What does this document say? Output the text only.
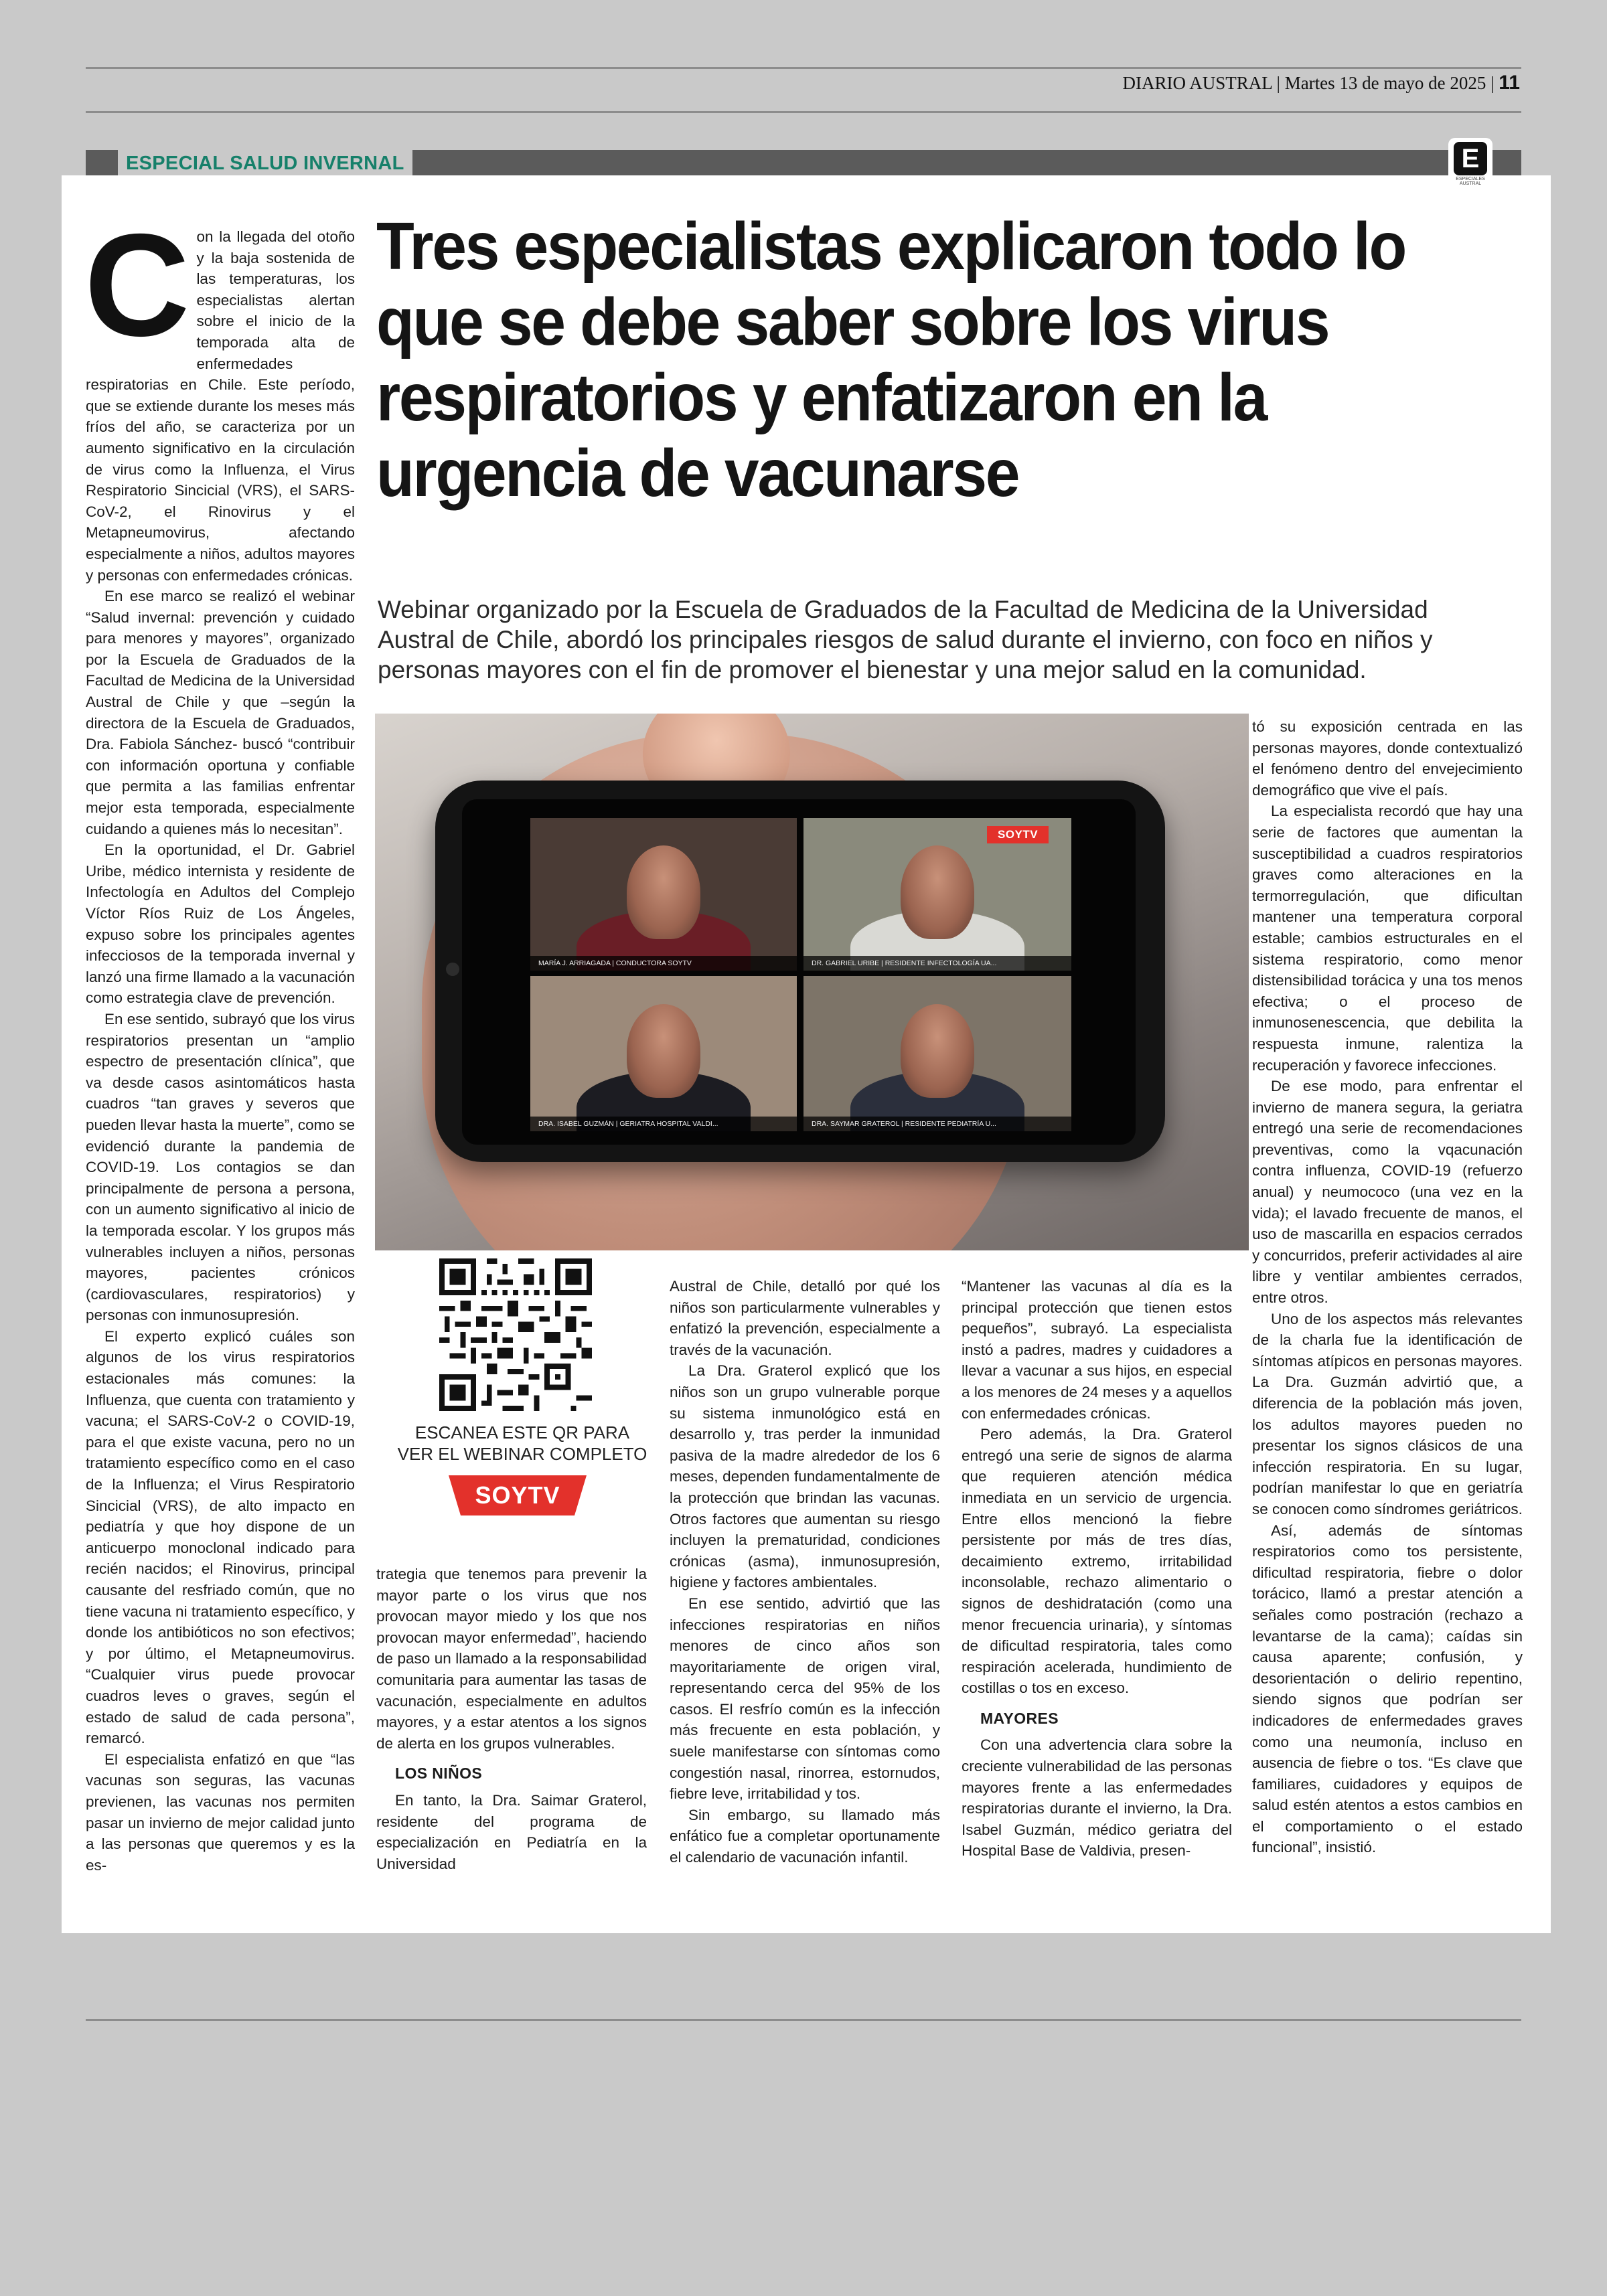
DIARIO AUSTRAL | Martes 13 de mayo de 2025 | 11
ESPECIAL SALUD INVERNAL	E
ESPECIALES AUSTRAL
C on la llegada del otoño y la baja sostenida de las temperaturas, los especialistas alertan sobre el inicio de la temporada alta de enfermedades respiratorias en Chile. Este período, que se extiende durante los meses más fríos del año, se caracteriza por un aumento significativo en la circulación de virus como la Influenza, el Virus Respiratorio Sincicial (VRS), el SARS-CoV-2, el Rinovirus y el Metapneumovirus, afectando especialmente a niños, adultos mayores y personas con enfermedades crónicas.

En ese marco se realizó el webinar “Salud invernal: prevención y cuidado para menores y mayores”, organizado por la Escuela de Graduados de la Facultad de Medicina de la Universidad Austral de Chile y que –según la directora de la Escuela de Graduados, Dra. Fabiola Sánchez- buscó “contribuir con información oportuna y confiable que permita a las familias enfrentar mejor esta temporada, especialmente cuidando a quienes más lo necesitan”.

En la oportunidad, el Dr. Gabriel Uribe, médico internista y residente de Infectología en Adultos del Complejo Víctor Ríos Ruiz de Los Ángeles, expuso sobre los principales agentes infecciosos de la temporada invernal y lanzó una firme llamado a la vacunación como estrategia clave de prevención.

En ese sentido, subrayó que los virus respiratorios presentan un “amplio espectro de presentación clínica”, que va desde casos asintomáticos hasta cuadros “tan graves y severos que pueden llevar hasta la muerte”, como se evidenció durante la pandemia de COVID-19. Los contagios se dan principalmente de persona a persona, con un aumento significativo al inicio de la temporada escolar. Y los grupos más vulnerables incluyen a niños, personas mayores, pacientes crónicos (cardiovasculares, respiratorios) y personas con inmunosupresión.

El experto explicó cuáles son algunos de los virus respiratorios estacionales más comunes: la Influenza, que cuenta con tratamiento y vacuna; el SARS-CoV-2 o COVID-19, para el que existe vacuna, pero no un tratamiento específico como en el caso de la Influenza; el Virus Respiratorio Sincicial (VRS), de alto impacto en pediatría y que hoy dispone de un anticuerpo monoclonal indicado para recién nacidos; el Rinovirus, principal causante del resfriado común, que no tiene vacuna ni tratamiento específico, y donde los antibióticos no son efectivos; y por último, el Metapneumovirus. “Cualquier virus puede provocar cuadros leves o graves, según el estado de salud de cada persona”, remarcó.

El especialista enfatizó en que “las vacunas son seguras, las vacunas previenen, las vacunas nos permiten pasar un invierno de mejor calidad junto a las personas que queremos y es la es-

Tres especialistas explicaron todo lo que se debe saber sobre los virus respiratorios y enfatizaron en la urgencia de vacunarse

Webinar organizado por la Escuela de Graduados de la Facultad de Medicina de la Universidad Austral de Chile, abordó los principales riesgos de salud durante el invierno, con foco en niños y personas mayores con el fin de promover el bienestar y una mejor salud en la comunidad.

MARÍA J. ARRIAGADA | CONDUCTORA SOYTV	DR. GABRIEL URIBE | RESIDENTE INFECTOLOGÍA UA...
DRA. ISABEL GUZMÁN | GERIATRA HOSPITAL VALDI...	DRA. SAYMAR GRATEROL | RESIDENTE PEDIATRÍA U...
SOYTV

ESCANEA ESTE QR PARA
VER EL WEBINAR COMPLETO

SOYTV

trategia que tenemos para prevenir la mayor parte o los virus que nos provocan mayor miedo y los que nos provocan mayor enfermedad”, haciendo de paso un llamado a la responsabilidad comunitaria para aumentar las tasas de vacunación, especialmente en adultos mayores, y a estar atentos a los signos de alerta en los grupos vulnerables.

LOS NIÑOS

En tanto, la Dra. Saimar Graterol, residente del programa de especialización en Pediatría en la Universidad

Austral de Chile, detalló por qué los niños son particularmente vulnerables y enfatizó la prevención, especialmente a través de la vacunación.

La Dra. Graterol explicó que los niños son un grupo vulnerable porque su sistema inmunológico está en desarrollo y, tras perder la inmunidad pasiva de la madre alrededor de los 6 meses, dependen fundamentalmente de la protección que brindan las vacunas. Otros factores que aumentan su riesgo incluyen la prematuridad, condiciones crónicas (asma), inmunosupresión, higiene y factores ambientales.

En ese sentido, advirtió que las infecciones respiratorias en niños menores de cinco años son mayoritariamente de origen viral, representando cerca del 95% de los casos. El resfrío común es la infección más frecuente en esta población, y suele manifestarse con síntomas como congestión nasal, rinorrea, estornudos, fiebre leve, irritabilidad y tos.

Sin embargo, su llamado más enfático fue a completar oportunamente el calendario de vacunación infantil.

“Mantener las vacunas al día es la principal protección que tienen estos pequeños”, subrayó. La especialista instó a padres, madres y cuidadores a llevar a vacunar a sus hijos, en especial a los menores de 24 meses y a aquellos con enfermedades crónicas.

Pero además, la Dra. Graterol entregó una serie de signos de alarma que requieren atención médica inmediata en un servicio de urgencia. Entre ellos mencionó la fiebre persistente por más de tres días, decaimiento extremo, irritabilidad inconsolable, rechazo alimentario o signos de deshidratación (como una menor frecuencia urinaria), y síntomas de dificultad respiratoria, tales como respiración acelerada, hundimiento de costillas o tos en exceso.

MAYORES

Con una advertencia clara sobre la creciente vulnerabilidad de las personas mayores frente a las enfermedades respiratorias durante el invierno, la Dra. Isabel Guzmán, médico geriatra del Hospital Base de Valdivia, presen-

tó su exposición centrada en las personas mayores, donde contextualizó el fenómeno dentro del envejecimiento demográfico que vive el país.

La especialista recordó que hay una serie de factores que aumentan la susceptibilidad a cuadros respiratorios graves como alteraciones en la termorregulación, que dificultan mantener una temperatura corporal estable; cambios estructurales en el sistema respiratorio, como menor distensibilidad torácica y una tos menos efectiva; o el proceso de inmunosenescencia, que debilita la respuesta inmune, ralentiza la recuperación y favorece infecciones.

De ese modo, para enfrentar el invierno de manera segura, la geriatra entregó una serie de recomendaciones preventivas, como la vqacunación contra influenza, COVID-19 (refuerzo anual) y neumococo (una vez en la vida); el lavado frecuente de manos, el uso de mascarilla en espacios cerrados y concurridos, preferir actividades al aire libre y ventilar ambientes cerrados, entre otros.

Uno de los aspectos más relevantes de la charla fue la identificación de síntomas atípicos en personas mayores. La Dra. Guzmán advirtió que, a diferencia de la población más joven, los adultos mayores pueden no presentar los signos clásicos de una infección respiratoria. En su lugar, podrían manifestar lo que en geriatría se conocen como síndromes geriátricos.

Así, además de síntomas respiratorios como tos persistente, dificultad respiratoria, fiebre o dolor torácico, llamó a prestar atención a señales como postración (rechazo a levantarse de la cama); caídas sin causa aparente; confusión, y desorientación o delirio repentino, siendo signos que podrían ser indicadores de enfermedades graves como una neumonía, incluso en ausencia de fiebre o tos. “Es clave que familiares, cuidadores y equipos de salud estén atentos a estos cambios en el comportamiento o el estado funcional”, insistió.
